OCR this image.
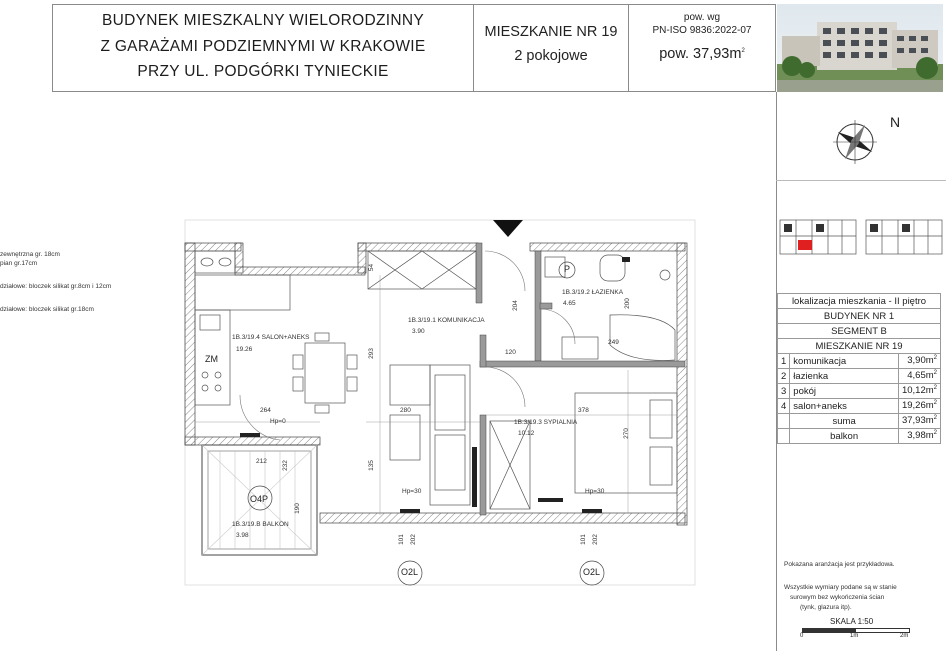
BUDYNEK MIESZKALNY WIELORODZINNY
Z GARAŻAMI PODZIEMNYMI W KRAKOWIE
PRZY UL. PODGÓRKI TYNIECKIE
MIESZKANIE NR 19
2 pokojowe
pow. wg
PN-ISO 9836:2022-07
pow. $37,93m^2$
N
lokalizacja mieszkania - II piętro		
BUDYNEK NR 1		
SEGMENT B		
MIESZKANIE NR 19		
1	komunikacja	$3,90m^2$
2	łazienka	$4,65m^2$
3	pokój	$10,12m^2$
4	salon+aneks	$19,26m^2$
	suma	$37,93m^2$
	balkon	$3,98m^2$
Pokazana aranżacja jest przykładowa.
Wszystkie wymiary podane są w stanie
surowym bez wykończenia ścian
(tynk, glazura itp).
SKALA 1:50
0	1m	2m
zewnętrzna gr. 18cm
pian gr.17cm
działowe: bloczek silikat gr.8cm i 12cm
działowe: bloczek silikat gr.18cm
1B.3/19.4 SALON+ANEKS
19.26
1B.3/19.1 KOMUNIKACJA
3.90
1B.3/19.2 ŁAZIENKA
4.65
1B.3/19.3 SYPIALNIA
10.12
1B.3/19.B BALKON
3.98
264	280	378
249
293
270
200
204
120
54
212
190
135
232
Hp=0
Hp=30	Hp=30
O2L	O2L
O4P
101 202	101 202
ZM
P
